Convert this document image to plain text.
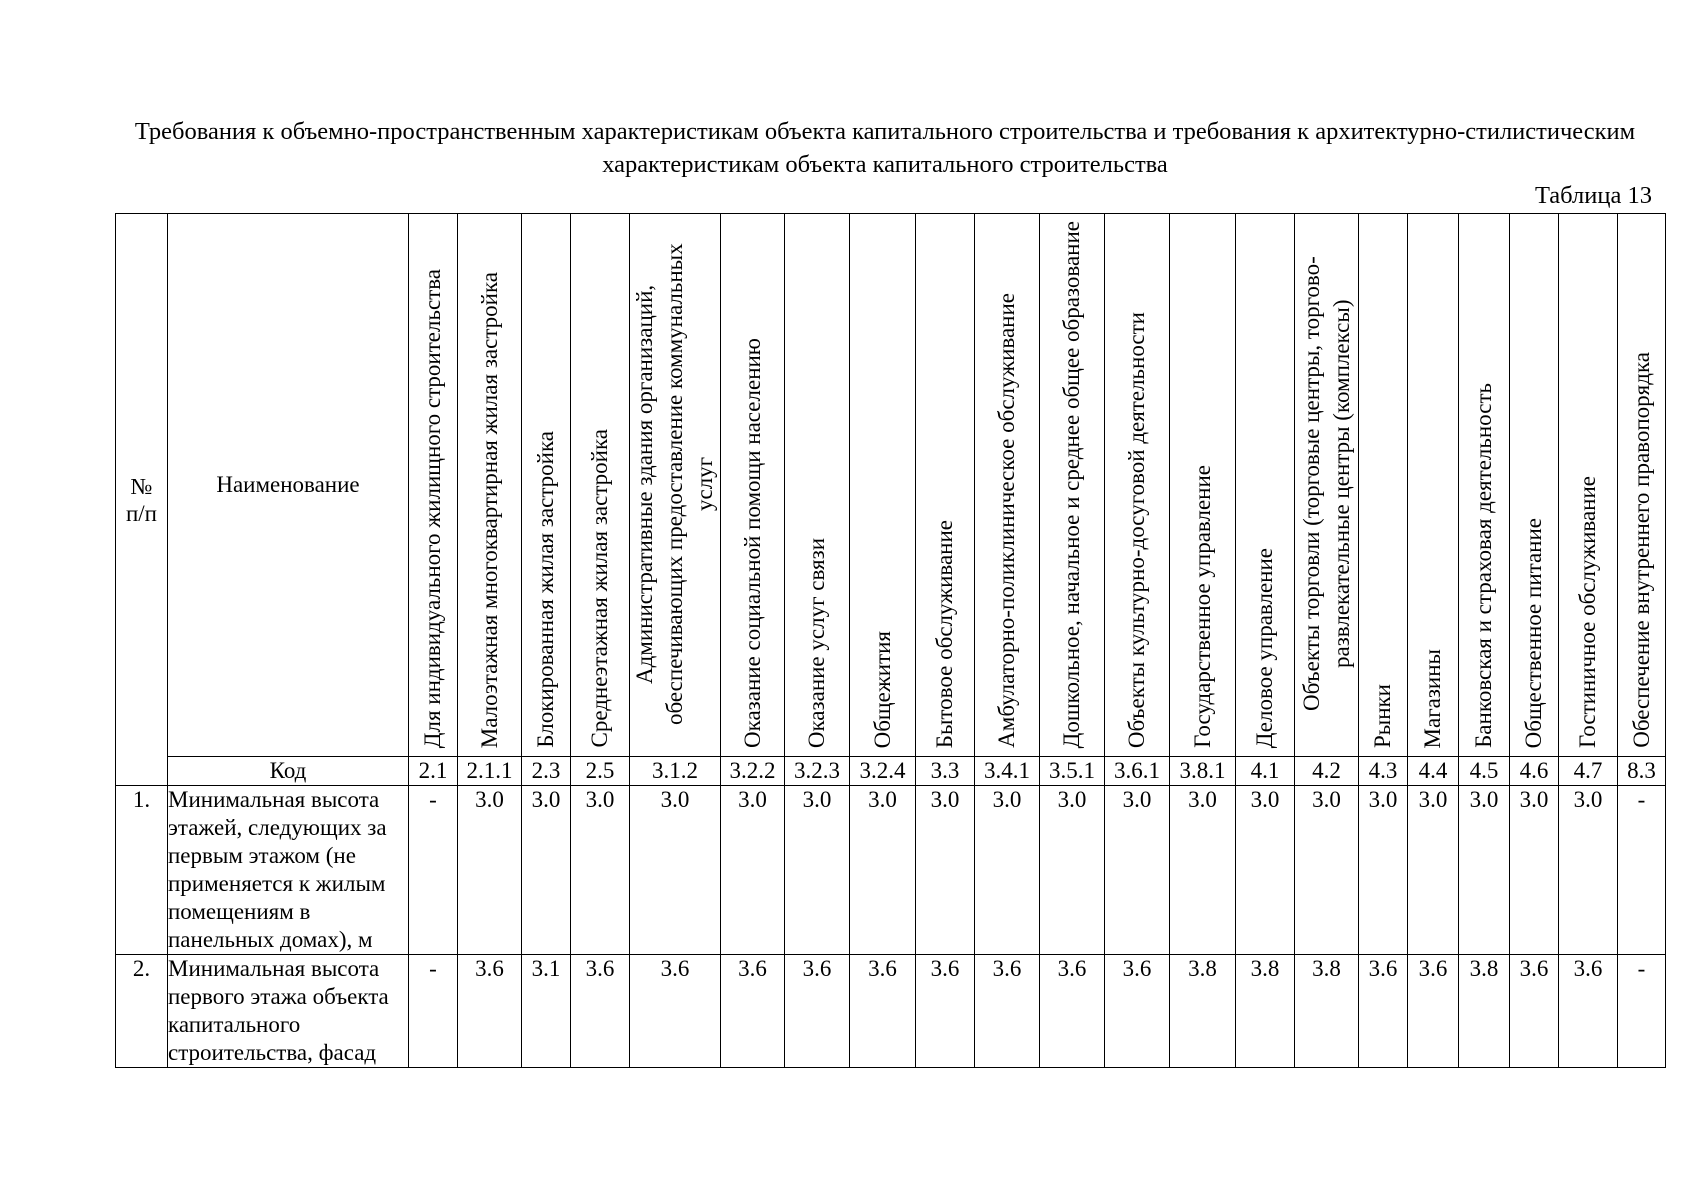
Требования к объемно-пространственным характеристикам объекта капитального строительства и требования к архитектурно-стилистическим характеристикам объекта капитального строительства
Таблица 13
№
п/п	Наименование	Для индивидуального жилищного строительства	Малоэтажная многоквартирная жилая застройка	Блокированная жилая застройка	Среднеэтажная жилая застройка	Административные здания организаций, обеспечивающих предоставление коммунальных услуг	Оказание социальной помощи населению	Оказание услуг связи	Общежития	Бытовое обслуживание	Амбулаторно-поликлиническое обслуживание	Дошкольное, начальное и среднее общее образование	Объекты культурно-досуговой деятельности	Государственное управление	Деловое управление	Объекты торговли (торговые центры, торгово-развлекательные центры (комплексы)	Рынки	Магазины	Банковская и страховая деятельность	Общественное питание	Гостиничное обслуживание	Обеспечение внутреннего правопорядка

	Код	2.1	2.1.1	2.3	2.5	3.1.2	3.2.2	3.2.3	3.2.4	3.3	3.4.1	3.5.1	3.6.1	3.8.1	4.1	4.2	4.3	4.4	4.5	4.6	4.7	8.3
1.	Минимальная высота этажей, следующих за первым этажом (не применяется к жилым помещениям в панельных домах), м	-	3.0	3.0	3.0	3.0	3.0	3.0	3.0	3.0	3.0	3.0	3.0	3.0	3.0	3.0	3.0	3.0	3.0	3.0	3.0	-
2.	Минимальная высота первого этажа объекта капитального строительства, фасад	-	3.6	3.1	3.6	3.6	3.6	3.6	3.6	3.6	3.6	3.6	3.6	3.8	3.8	3.8	3.6	3.6	3.8	3.6	3.6	-
